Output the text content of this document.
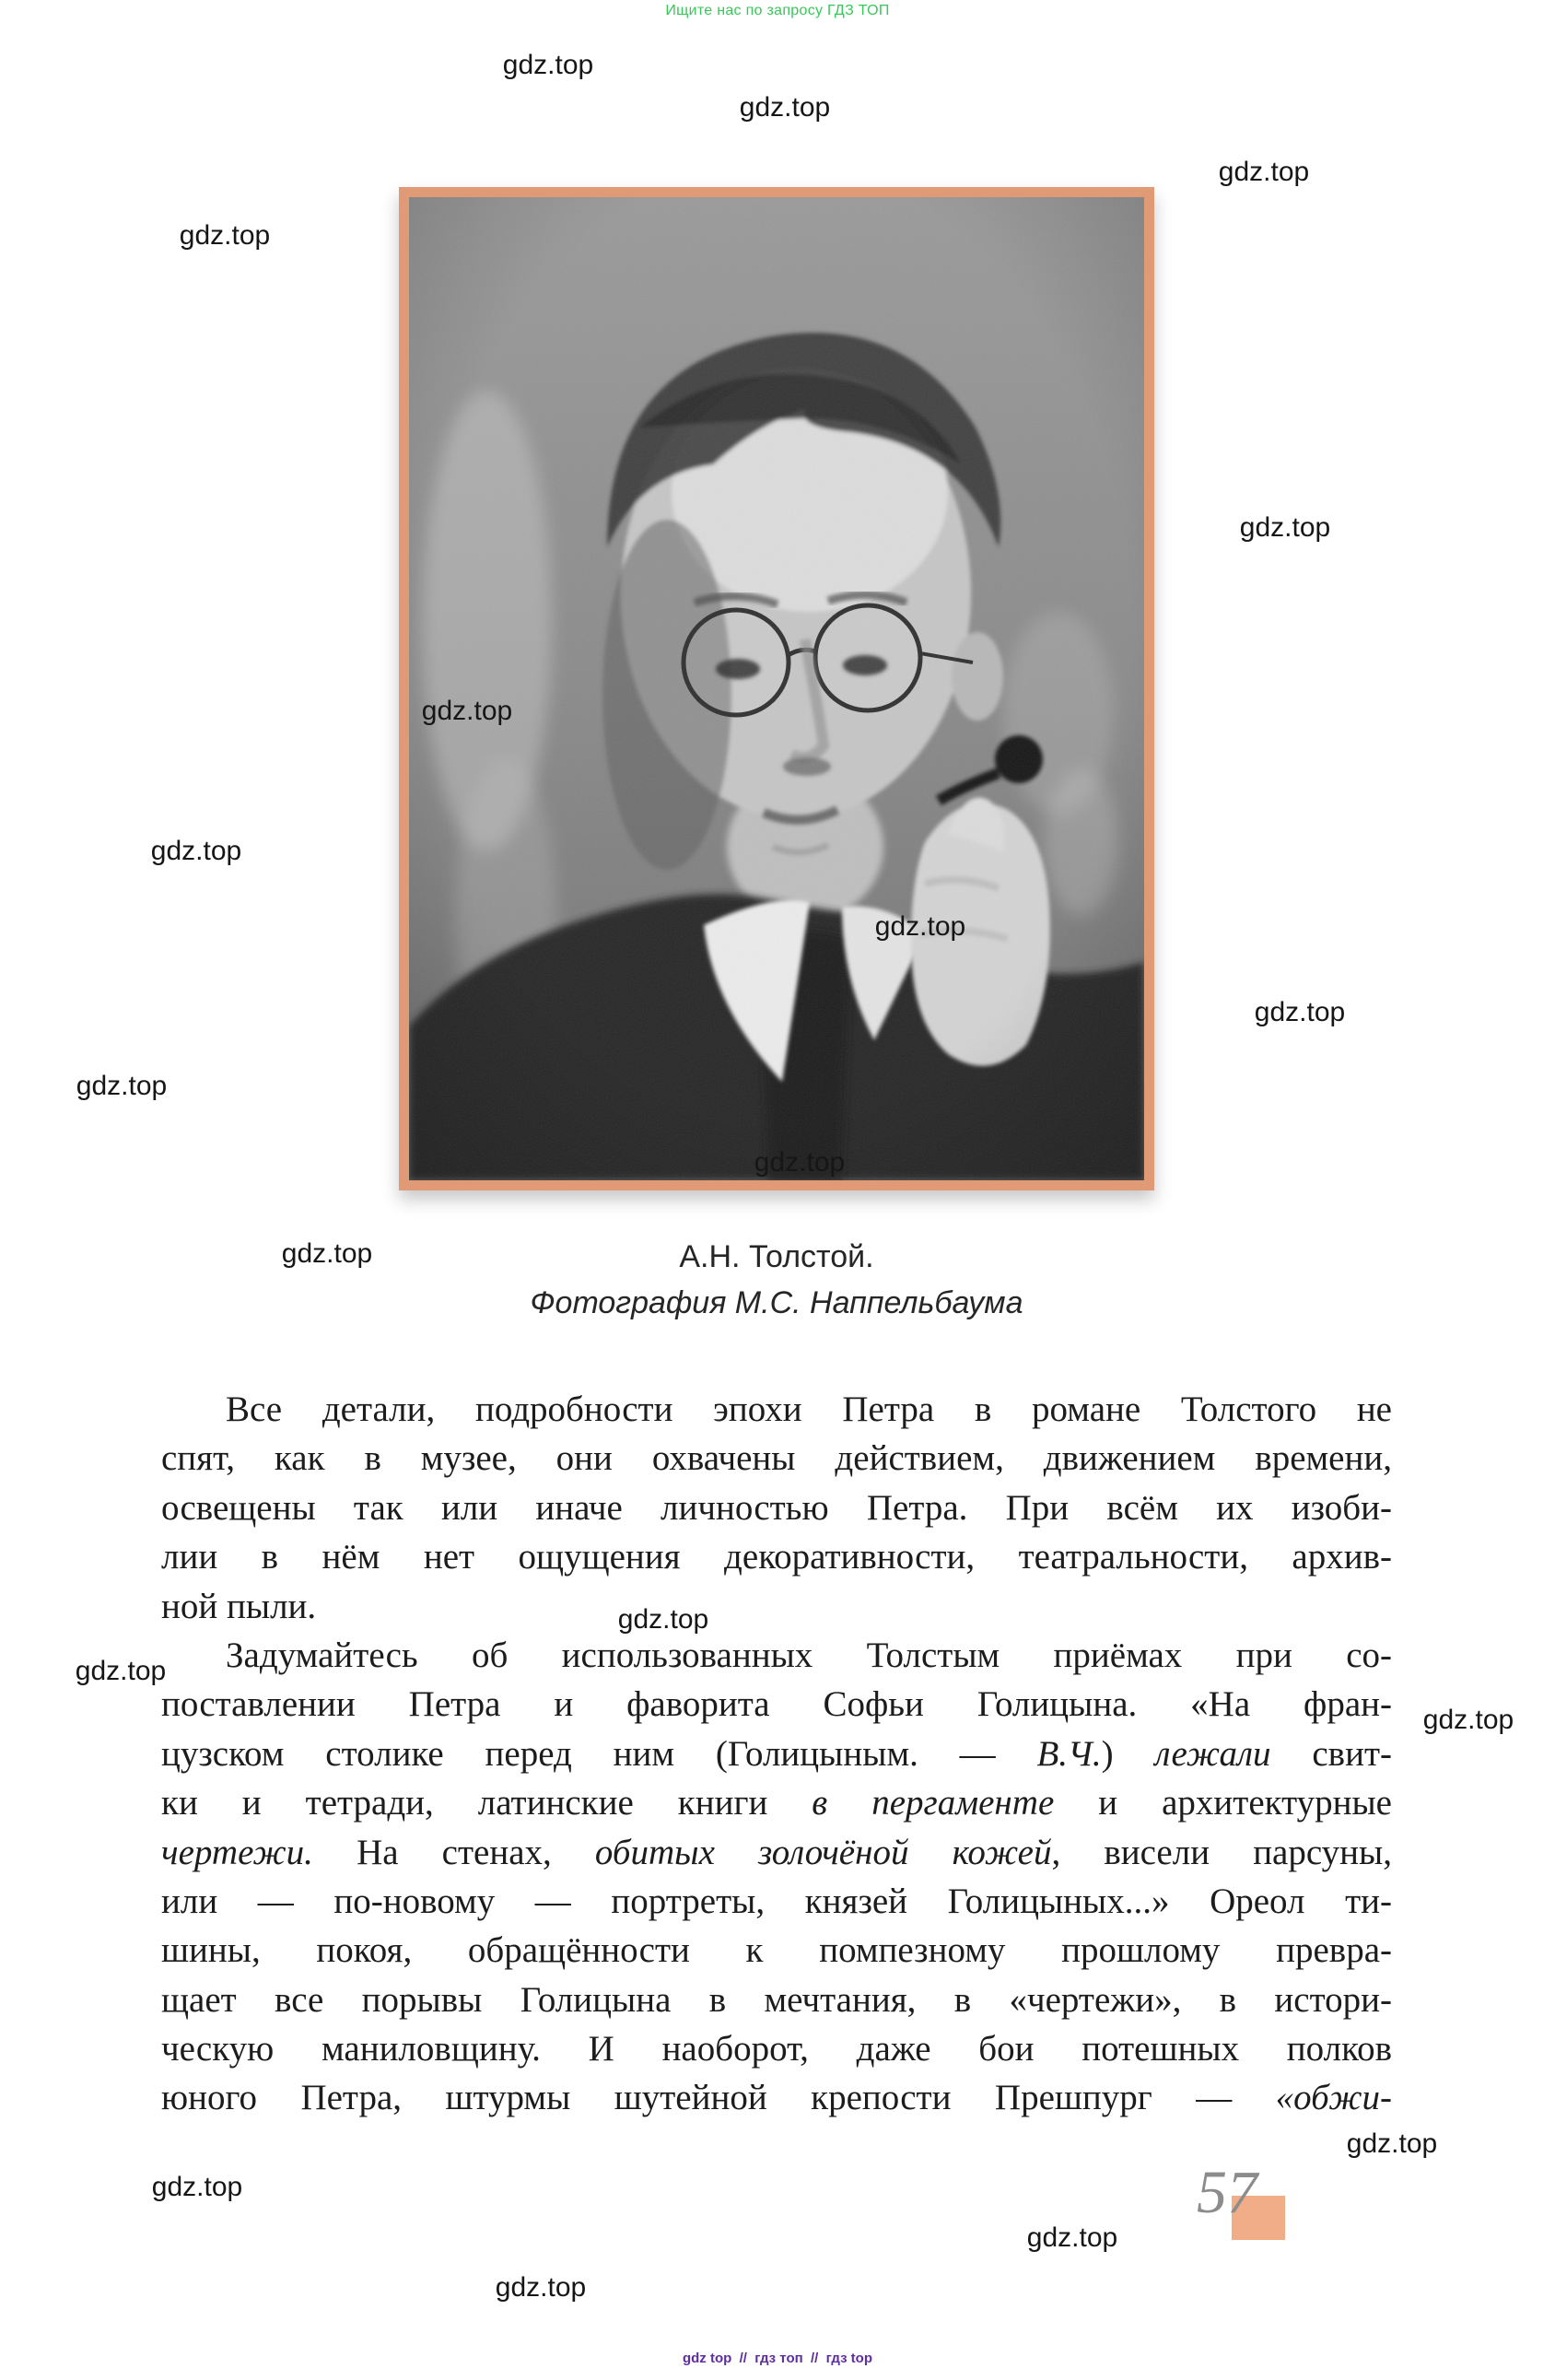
Ищите нас по запросу ГДЗ ТОП
А.Н. Толстой.
Фотография М.С. Наппельбаума
Все детали, подробности эпохи Петра в романе Толстого не
спят, как в музее, они охвачены действием, движением времени,
освещены так или иначе личностью Петра. При всём их изоби-
лии в нём нет ощущения декоративности, театральности, архив-
ной пыли.
Задумайтесь об использованных Толстым приёмах при со-
поставлении Петра и фаворита Софьи Голицына. «На фран-
цузском столике перед ним (Голицыным. — В.Ч.) лежали свит-
ки и тетради, латинские книги в пергаменте и архитектурные
чертежи. На стенах, обитых золочёной кожей, висели парсуны,
или — по-новому — портреты, князей Голицыных...» Ореол ти-
шины, покоя, обращённости к помпезному прошлому превра-
щает все порывы Голицына в мечтания, в «чертежи», в истори-
ческую маниловщину. И наоборот, даже бои потешных полков
юного Петра, штурмы шутейной крепости Прешпург — «обжи-
gdz.top
gdz.top
gdz.top
gdz.top
gdz.top
gdz.top
gdz.top
gdz.top
gdz.top
gdz.top
gdz.top
gdz.top
gdz.top
gdz.top
gdz.top
gdz.top
gdz.top
gdz.top
gdz.top
57
gdz top  //  гдз топ  //  гдз top
